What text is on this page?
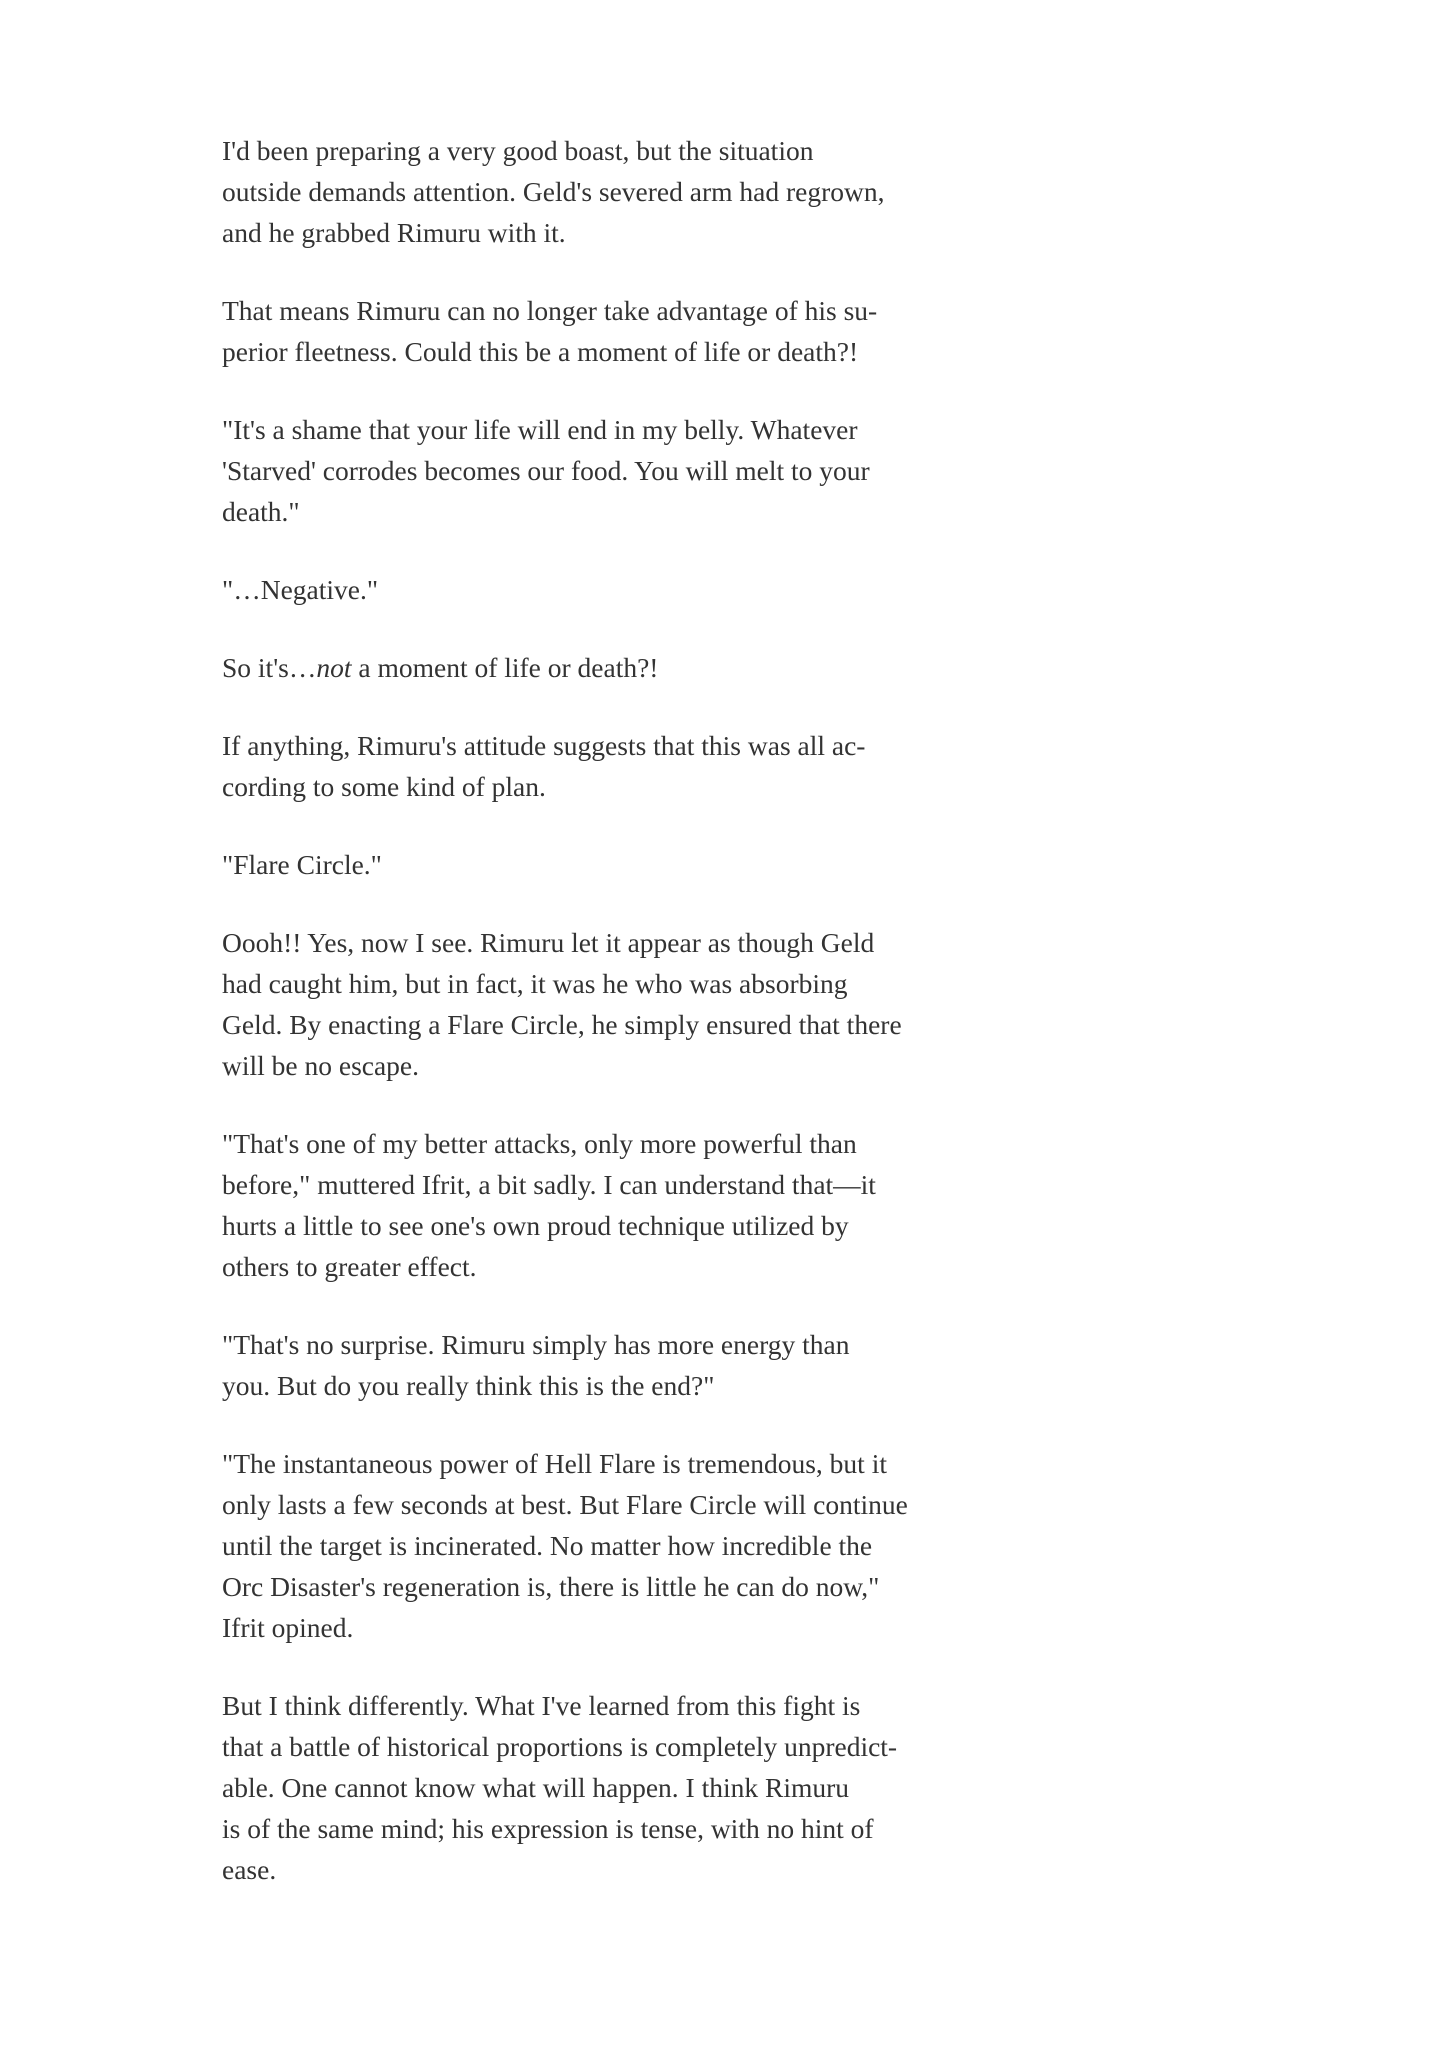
I'd been preparing a very good boast, but the situation
outside demands attention. Geld's severed arm had regrown,
and he grabbed Rimuru with it.

That means Rimuru can no longer take advantage of his su-
perior fleetness. Could this be a moment of life or death?!

"It's a shame that your life will end in my belly. Whatever
'Starved' corrodes becomes our food. You will melt to your
death."

"…Negative."

So it's…not a moment of life or death?!

If anything, Rimuru's attitude suggests that this was all ac-
cording to some kind of plan.

"Flare Circle."

Oooh!! Yes, now I see. Rimuru let it appear as though Geld
had caught him, but in fact, it was he who was absorbing
Geld. By enacting a Flare Circle, he simply ensured that there
will be no escape.

"That's one of my better attacks, only more powerful than
before," muttered Ifrit, a bit sadly. I can understand that—it
hurts a little to see one's own proud technique utilized by
others to greater effect.

"That's no surprise. Rimuru simply has more energy than
you. But do you really think this is the end?"

"The instantaneous power of Hell Flare is tremendous, but it
only lasts a few seconds at best. But Flare Circle will continue
until the target is incinerated. No matter how incredible the
Orc Disaster's regeneration is, there is little he can do now,"
Ifrit opined.

But I think differently. What I've learned from this fight is
that a battle of historical proportions is completely unpredict-
able. One cannot know what will happen. I think Rimuru
is of the same mind; his expression is tense, with no hint of
ease.
